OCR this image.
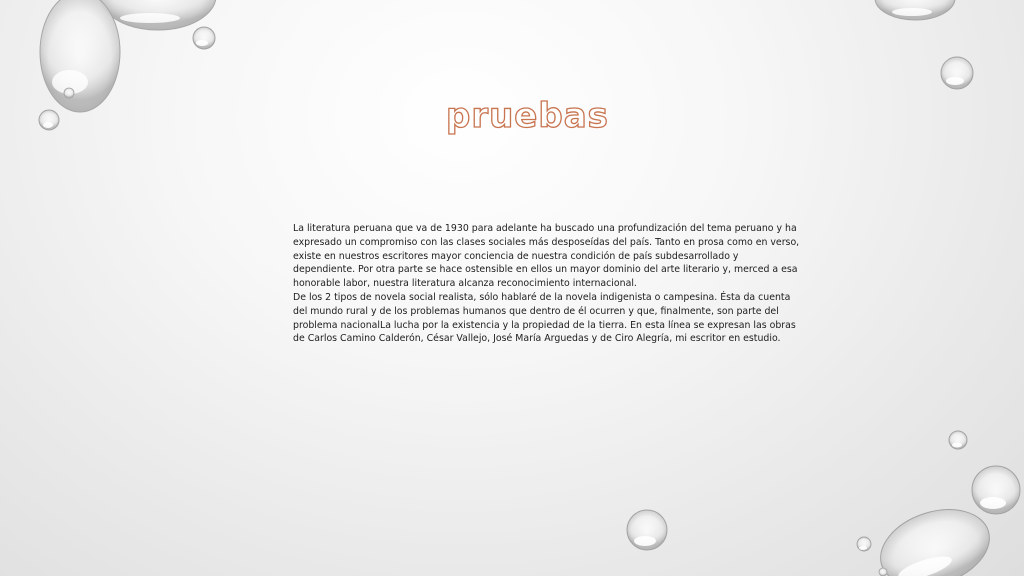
pruebas

La literatura peruana que va de 1930 para adelante ha buscado una profundización del tema peruano y ha expresado un compromiso con las clases sociales más desposeídas del país. Tanto en prosa como en verso, existe en nuestros escritores mayor conciencia de nuestra condición de país subdesarrollado y dependiente. Por otra parte se hace ostensible en ellos un mayor dominio del arte literario y, merced a esa honorable labor, nuestra literatura alcanza reconocimiento internacional.

De los 2 tipos de novela social realista, sólo hablaré de la novela indigenista o campesina. Ésta da cuenta del mundo rural y de los problemas humanos que dentro de él ocurren y que, finalmente, son parte del problema nacionalLa lucha por la existencia y la propiedad de la tierra. En esta línea se expresan las obras de Carlos Camino Calderón, César Vallejo, José María Arguedas y de Ciro Alegría, mi escritor en estudio.
